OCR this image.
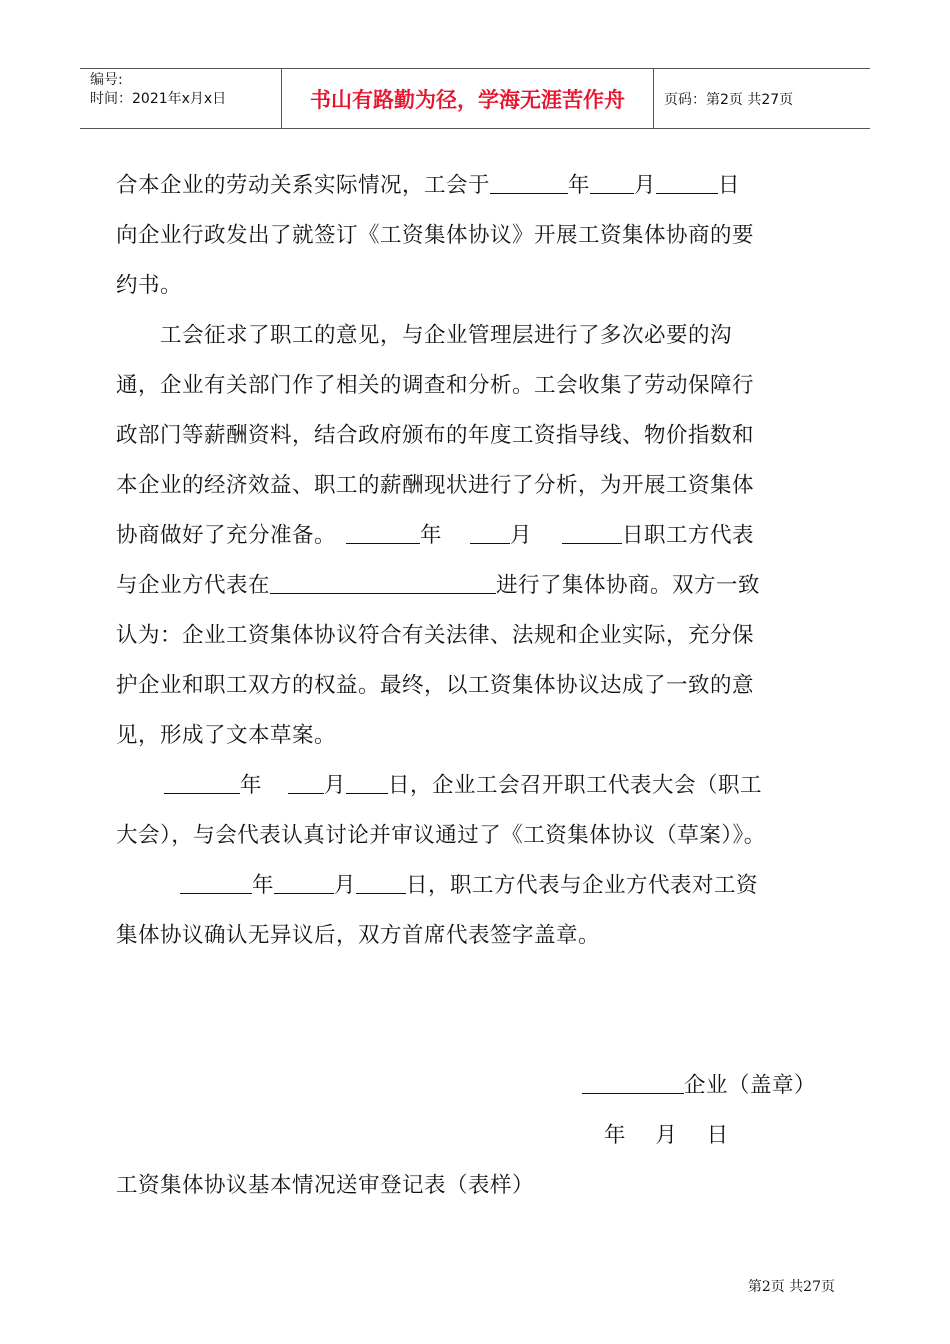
编号:
时间：2021年x月x日	书山有路勤为径，学海无涯苦作舟	页码：第2页 共27页
合本企业的劳动关系实际情况，工会于	年 月	日
向企业行政发出了就签订《工资集体协议》开展工资集体协商的要
约书。
工会征求了职工的意见，与企业管理层进行了多次必要的沟
通，企业有关部门作了相关的调查和分析。工会收集了劳动保障行
政部门等薪酬资料，结合政府颁布的年度工资指导线、物价指数和
本企业的经济效益、职工的薪酬现状进行了分析，为开展工资集体
协商做好了充分准备。	年	月	日职工方代表
与企业方代表在	进行了集体协商。双方一致
认为：企业工资集体协议符合有关法律、法规和企业实际，充分保
护企业和职工双方的权益。最终，以工资集体协议达成了一致的意
见，形成了文本草案。
年	月 日，企业工会召开职工代表大会（职工
大会），与会代表认真讨论并审议通过了《工资集体协议（草案）》。
年	月 日，职工方代表与企业方代表对工资
集体协议确认无异议后，双方首席代表签字盖章。
企业（盖章）
年    月    日
工资集体协议基本情况送审登记表（表样）
第2页 共27页
